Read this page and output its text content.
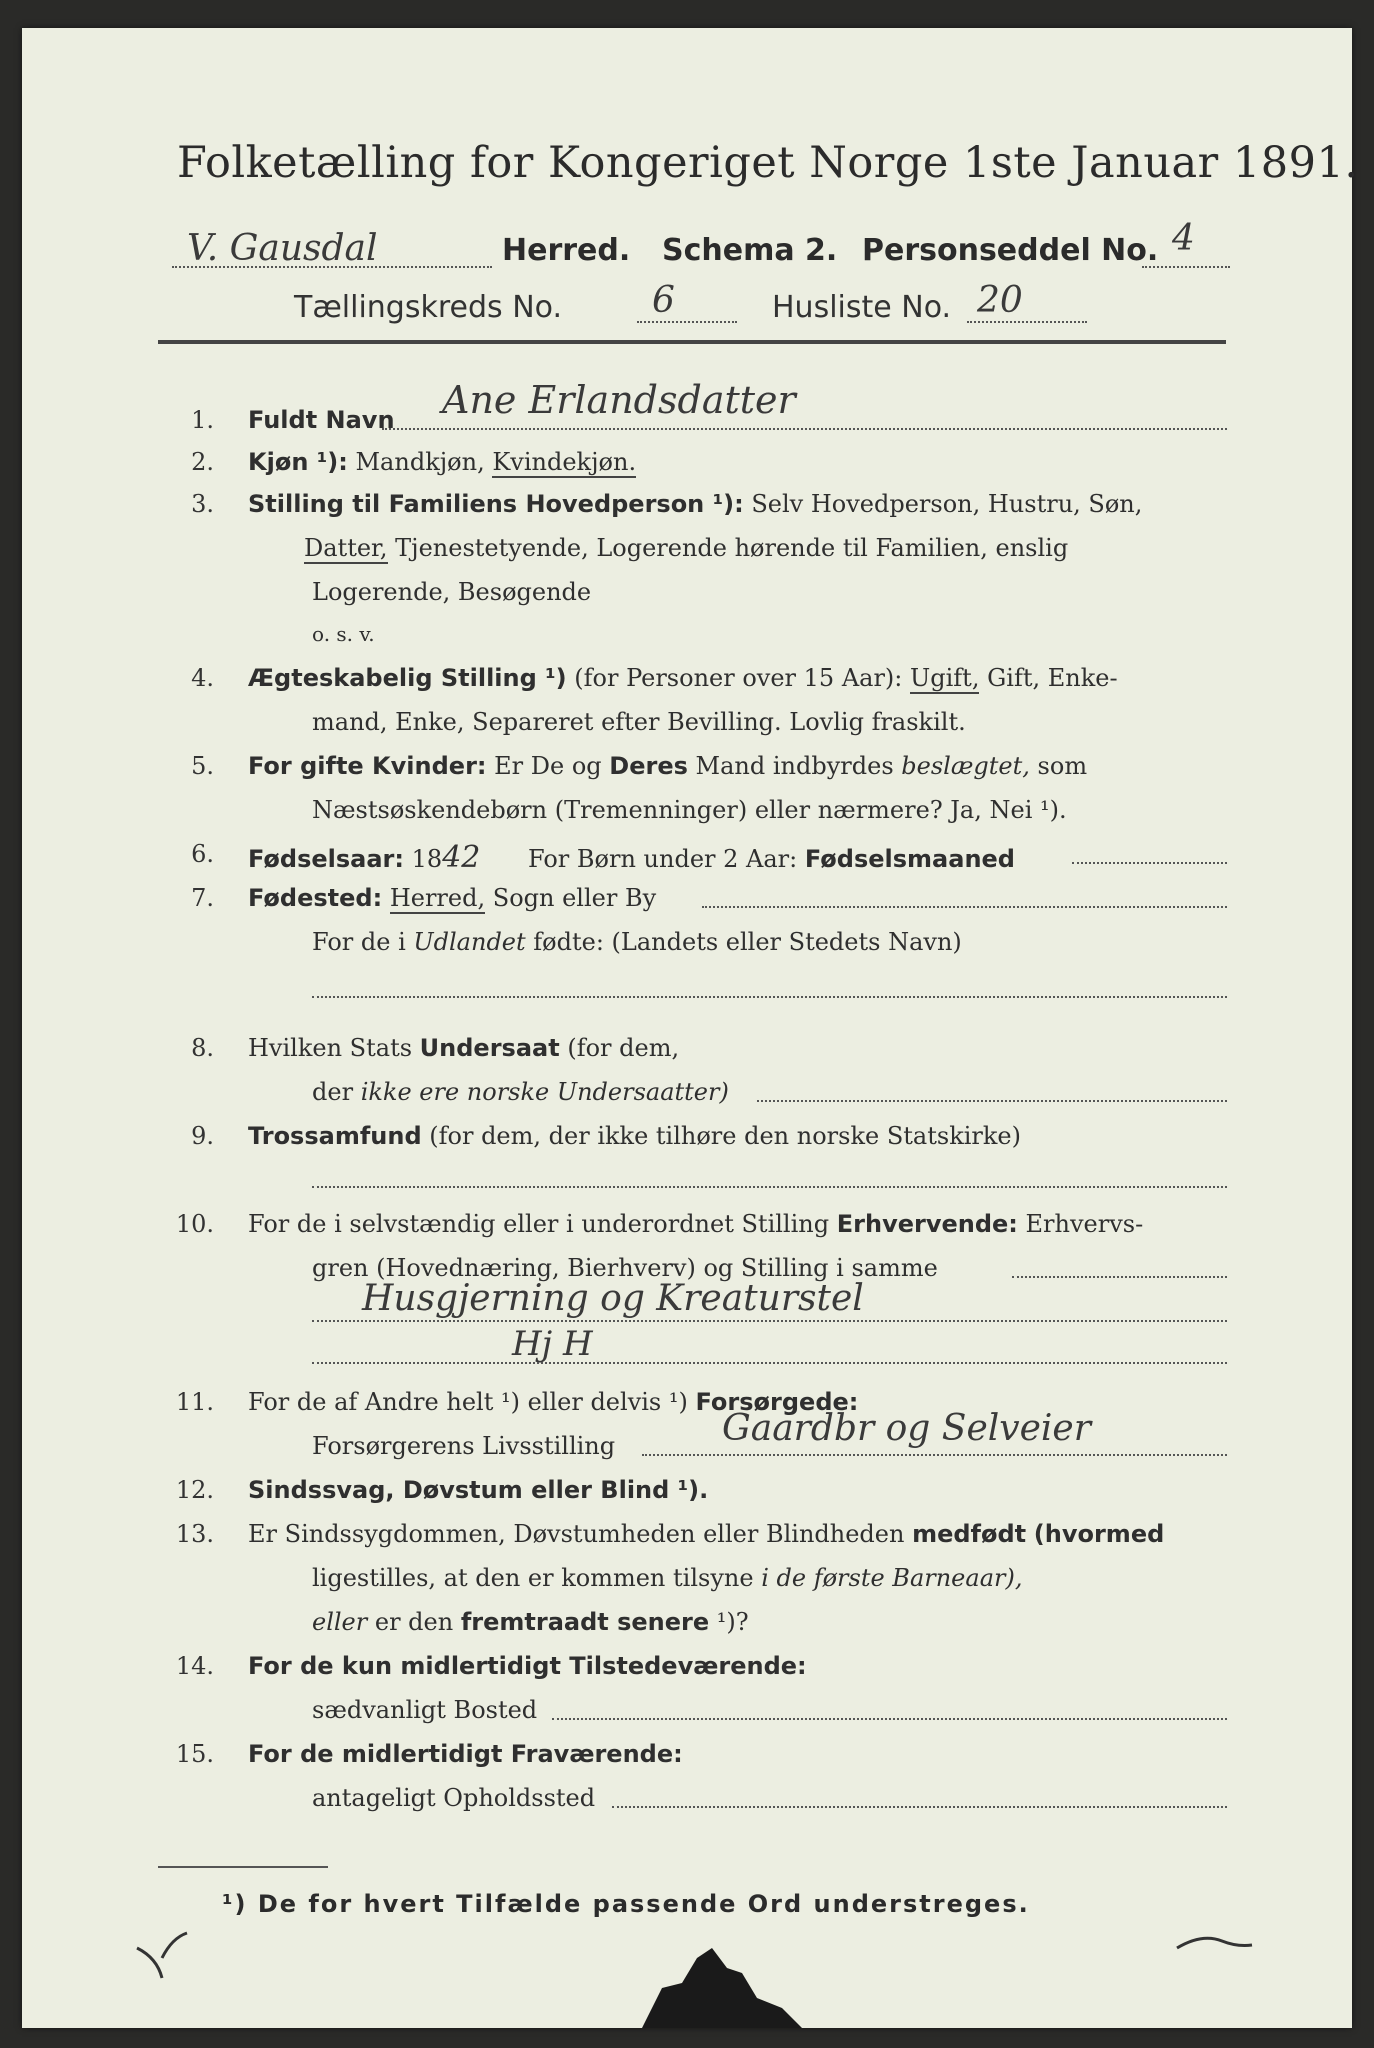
Folketælling for Kongeriget Norge 1ste Januar 1891.
V. Gausdal	Herred. Schema 2. Personseddel No. 4
Tællingskreds No.	6	Husliste No. 20
1. Fuldt Navn Ane Erlandsdatter
2. Kjøn ¹): Mandkjøn, Kvindekjøn.
3. Stilling til Familiens Hovedperson ¹): Selv Hovedperson, Hustru, Søn,
Datter, Tjenestetyende, Logerende hørende til Familien, enslig
Logerende, Besøgende
o. s. v.
4. Ægteskabelig Stilling ¹) (for Personer over 15 Aar): Ugift, Gift, Enke-
mand, Enke, Separeret efter Bevilling. Lovlig fraskilt.
5. For gifte Kvinder: Er De og Deres Mand indbyrdes beslægtet, som
Næstsøskendebørn (Tremenninger) eller nærmere? Ja, Nei ¹).
6. Fødselsaar: 1842 For Børn under 2 Aar: Fødselsmaaned
7. Fødested: Herred, Sogn eller By
For de i Udlandet fødte: (Landets eller Stedets Navn)
8. Hvilken Stats Undersaat (for dem,
der ikke ere norske Undersaatter)
9. Trossamfund (for dem, der ikke tilhøre den norske Statskirke)
10. For de i selvstændig eller i underordnet Stilling Erhvervende: Erhvervs-
gren (Hovednæring, Bierhverv) og Stilling i samme
Husgjerning og Kreaturstel
Hj H
11. For de af Andre helt ¹) eller delvis ¹) Forsørgede:
Forsørgerens Livsstilling	Gaardbr og Selveier
12. Sindssvag, Døvstum eller Blind ¹).
13. Er Sindssygdommen, Døvstumheden eller Blindheden medfødt (hvormed
ligestilles, at den er kommen tilsyne i de første Barneaar),
eller er den fremtraadt senere ¹)?
14. For de kun midlertidigt Tilstedeværende:
sædvanligt Bosted
15. For de midlertidigt Fraværende:
antageligt Opholdssted
¹) De for hvert Tilfælde passende Ord understreges.
